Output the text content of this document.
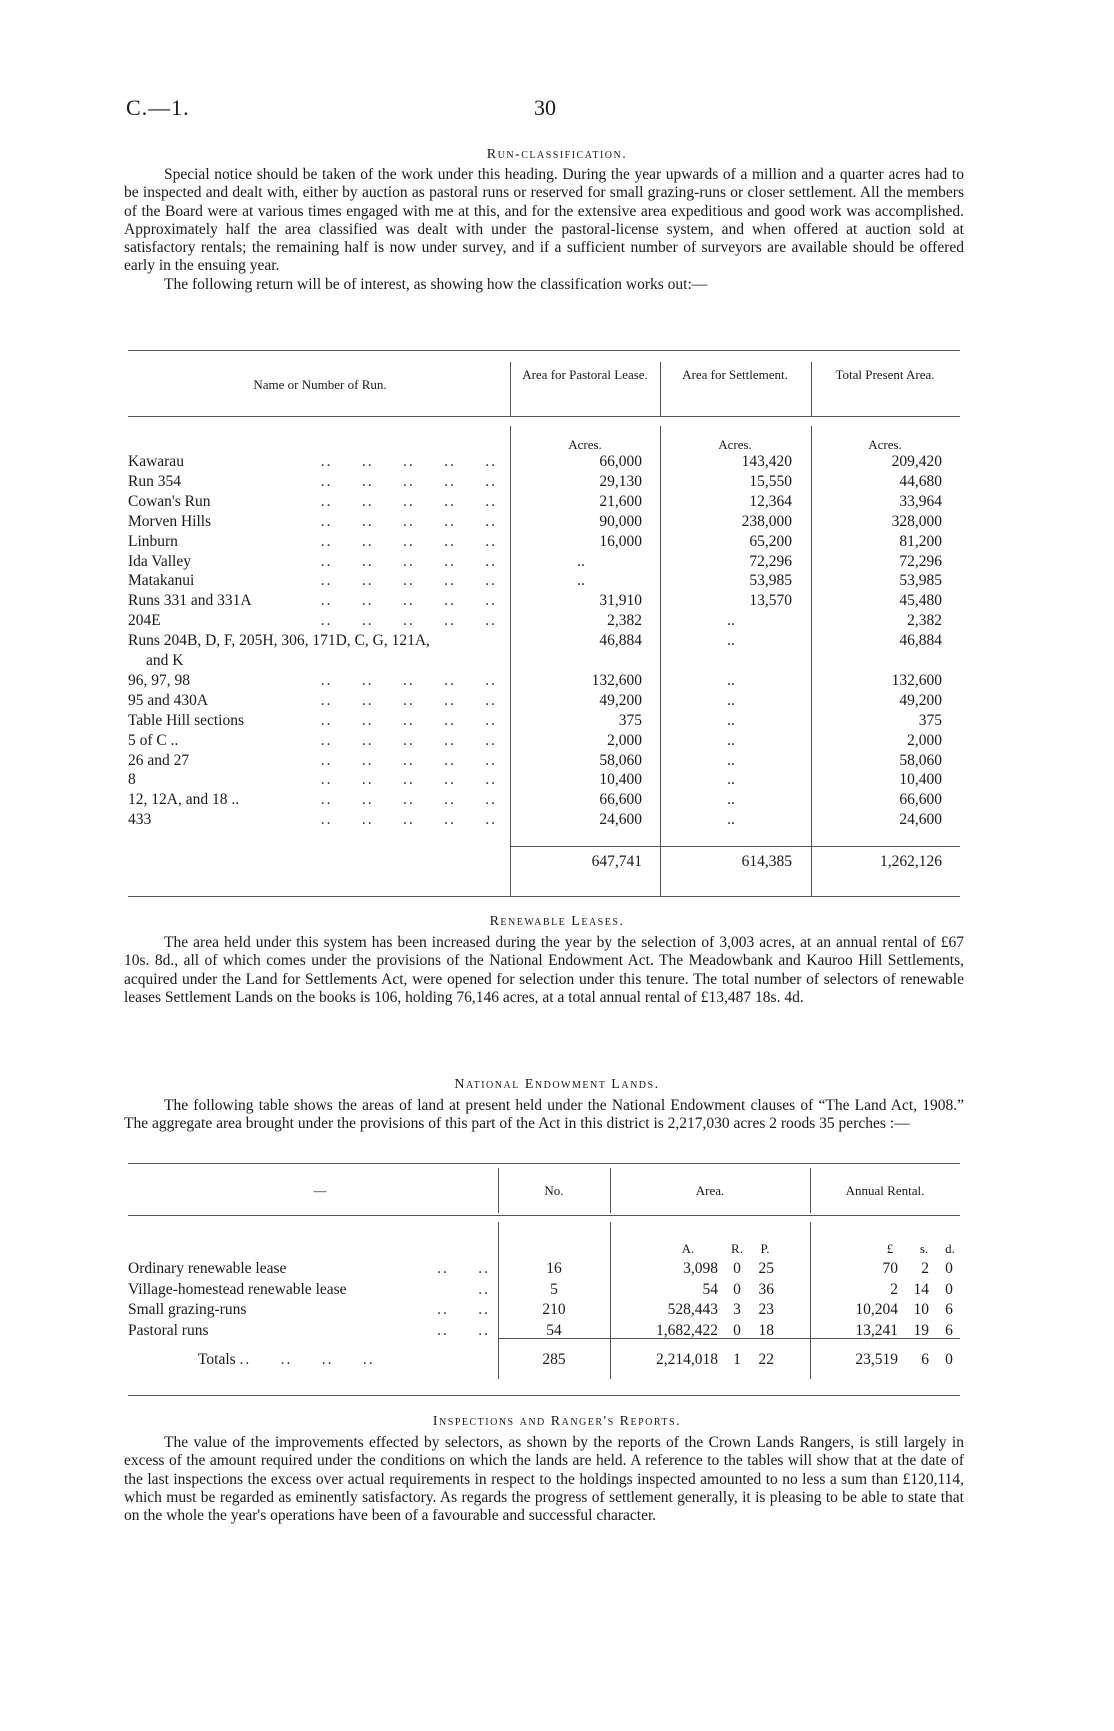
C.—1.	30
Run-classification.

Special notice should be taken of the work under this heading. During the year upwards of a million and a quarter acres had to be inspected and dealt with, either by auction as pastoral runs or reserved for small grazing-runs or closer settlement. All the members of the Board were at various times engaged with me at this, and for the extensive area expeditious and good work was accomplished. Approximately half the area classified was dealt with under the pastoral-license system, and when offered at auction sold at satisfactory rentals; the remaining half is now under survey, and if a sufficient number of surveyors are available should be offered early in the ensuing year.

The following return will be of interest, as showing how the classification works out:—

Name or Number of Run.
Area for Pastoral Lease.	Area for Settlement.	Total Present Area.
Acres.	Acres.	Acres.
Kawarau	..     ..     ..     ..     ..	66,000	143,420	209,420
Run 354	..     ..     ..     ..     ..	29,130	15,550	44,680
Cowan's Run	..     ..     ..     ..     ..	21,600	12,364	33,964
Morven Hills	..     ..     ..     ..     ..	90,000	238,000	328,000
Linburn	..     ..     ..     ..     ..	16,000	65,200	81,200
Ida Valley	..     ..     ..     ..     ..	..	72,296	72,296
Matakanui	..     ..     ..     ..     ..	..	53,985	53,985
Runs 331 and 331A	..     ..     ..     ..     ..	31,910	13,570	45,480
204E	..     ..     ..     ..     ..	2,382	..	2,382
Runs 204B, D, F, 205H, 306, 171D, C, G, 121A,	46,884	..	46,884
and K
96, 97, 98	..     ..     ..     ..     ..	132,600	..	132,600
95 and 430A	..     ..     ..     ..     ..	49,200	..	49,200
Table Hill sections	..     ..     ..     ..     ..	375	..	375
5 of C ..	..     ..     ..     ..     ..	2,000	..	2,000
26 and 27	..     ..     ..     ..     ..	58,060	..	58,060
8	..     ..     ..     ..     ..	10,400	..	10,400
12, 12A, and 18 ..	..     ..     ..     ..     ..	66,600	..	66,600
433	..     ..     ..     ..     ..	24,600	..	24,600
647,741	614,385	1,262,126
Renewable Leases.

The area held under this system has been increased during the year by the selection of 3,003 acres, at an annual rental of £67 10s. 8d., all of which comes under the provisions of the National Endowment Act. The Meadowbank and Kauroo Hill Settlements, acquired under the Land for Settlements Act, were opened for selection under this tenure. The total number of selectors of renewable leases Settlement Lands on the books is 106, holding 76,146 acres, at a total annual rental of £13,487 18s. 4d.

National Endowment Lands.

The following table shows the areas of land at present held under the National Endowment clauses of “The Land Act, 1908.” The aggregate area brought under the provisions of this part of the Act in this district is 2,217,030 acres 2 roods 35 perches :—

—	No.	Area.	Annual Rental.
A.	R.	P.	£	s.	d.
Ordinary renewable lease	..     ..	16	3,098 0	25	70	2	0
Village-homestead renewable lease	..	5	54 0	36	2	14	0
Small grazing-runs	..     ..	210	528,443 3	23	10,204	10	6
Pastoral runs	..     ..	54	1,682,422 0	18	13,241	19	6
Totals ..     ..     ..     ..	285	2,214,018 1	22	23,519	6	0
Inspections and Ranger's Reports.

The value of the improvements effected by selectors, as shown by the reports of the Crown Lands Rangers, is still largely in excess of the amount required under the conditions on which the lands are held. A reference to the tables will show that at the date of the last inspections the excess over actual requirements in respect to the holdings inspected amounted to no less a sum than £120,114, which must be regarded as eminently satisfactory. As regards the progress of settlement generally, it is pleasing to be able to state that on the whole the year's operations have been of a favourable and successful character.
